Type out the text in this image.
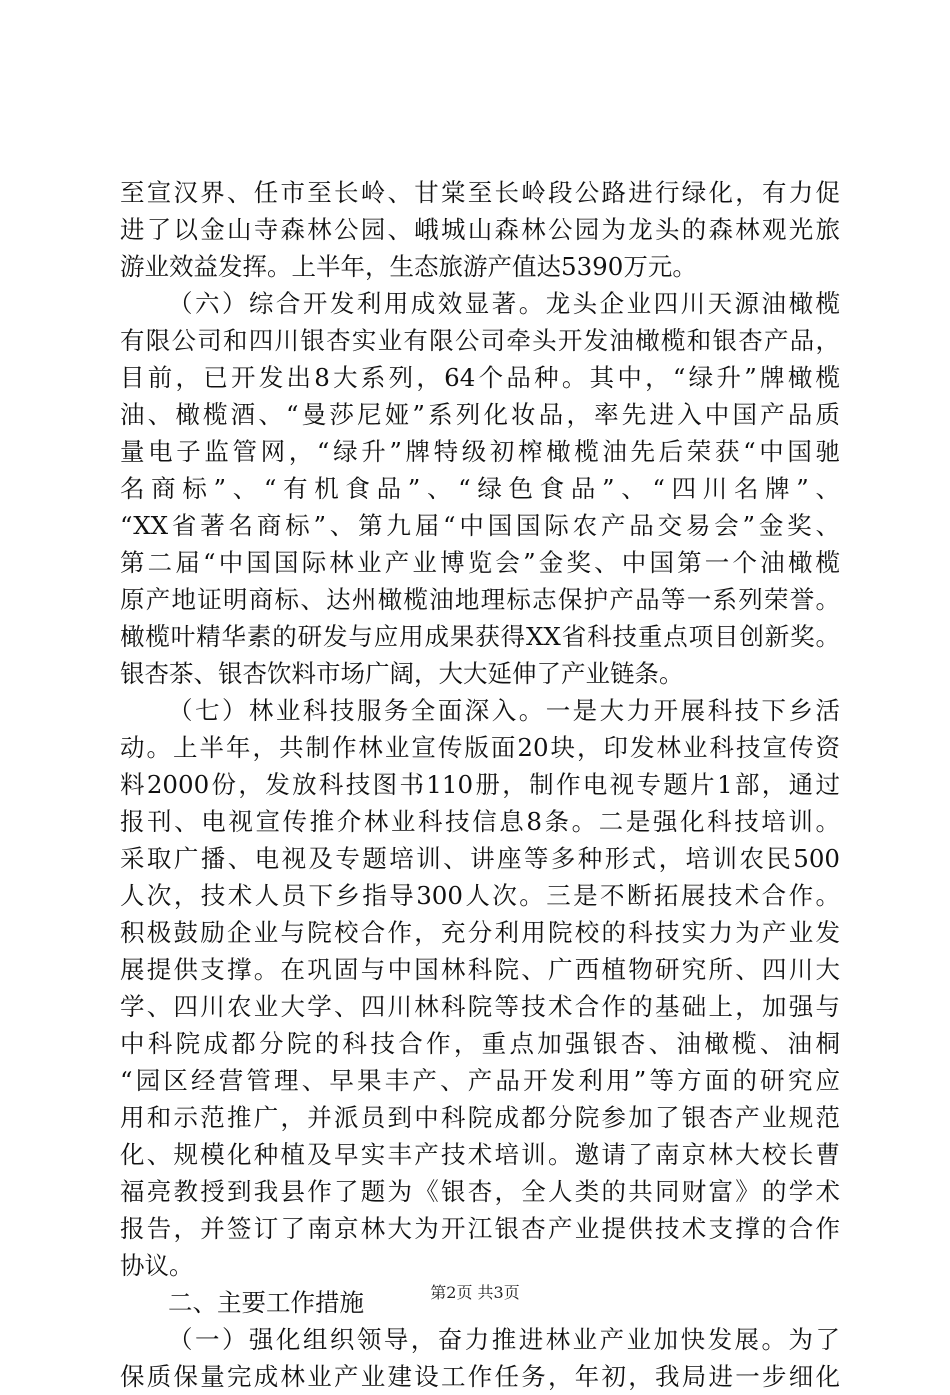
至宣汉界、任市至长岭、甘棠至长岭段公路进行绿化，有力促
进了以金山寺森林公园、峨城山森林公园为龙头的森林观光旅
游业效益发挥。上半年，生态旅游产值达5390万元。
（六）综合开发利用成效显著。龙头企业四川天源油橄榄
有限公司和四川银杏实业有限公司牵头开发油橄榄和银杏产品，
目前，已开发出8大系列，64个品种。其中，“绿升”牌橄榄
油、橄榄酒、“曼莎尼娅”系列化妆品，率先进入中国产品质
量电子监管网，“绿升”牌特级初榨橄榄油先后荣获“中国驰
名商标”、“有机食品”、“绿色食品”、“四川名牌”、
“XX省著名商标”、第九届“中国国际农产品交易会”金奖、
第二届“中国国际林业产业博览会”金奖、中国第一个油橄榄
原产地证明商标、达州橄榄油地理标志保护产品等一系列荣誉。
橄榄叶精华素的研发与应用成果获得XX省科技重点项目创新奖。
银杏茶、银杏饮料市场广阔，大大延伸了产业链条。
（七）林业科技服务全面深入。一是大力开展科技下乡活
动。上半年，共制作林业宣传版面20块，印发林业科技宣传资
料2000份，发放科技图书110册，制作电视专题片1部，通过
报刊、电视宣传推介林业科技信息8条。二是强化科技培训。
采取广播、电视及专题培训、讲座等多种形式，培训农民500
人次，技术人员下乡指导300人次。三是不断拓展技术合作。
积极鼓励企业与院校合作，充分利用院校的科技实力为产业发
展提供支撑。在巩固与中国林科院、广西植物研究所、四川大
学、四川农业大学、四川林科院等技术合作的基础上，加强与
中科院成都分院的科技合作，重点加强银杏、油橄榄、油桐
“园区经营管理、早果丰产、产品开发利用”等方面的研究应
用和示范推广，并派员到中科院成都分院参加了银杏产业规范
化、规模化种植及早实丰产技术培训。邀请了南京林大校长曹
福亮教授到我县作了题为《银杏，全人类的共同财富》的学术
报告，并签订了南京林大为开江银杏产业提供技术支撑的合作
协议。
二、主要工作措施
（一）强化组织领导，奋力推进林业产业加快发展。为了
保质保量完成林业产业建设工作任务，年初，我局进一步细化
第2页 共3页
